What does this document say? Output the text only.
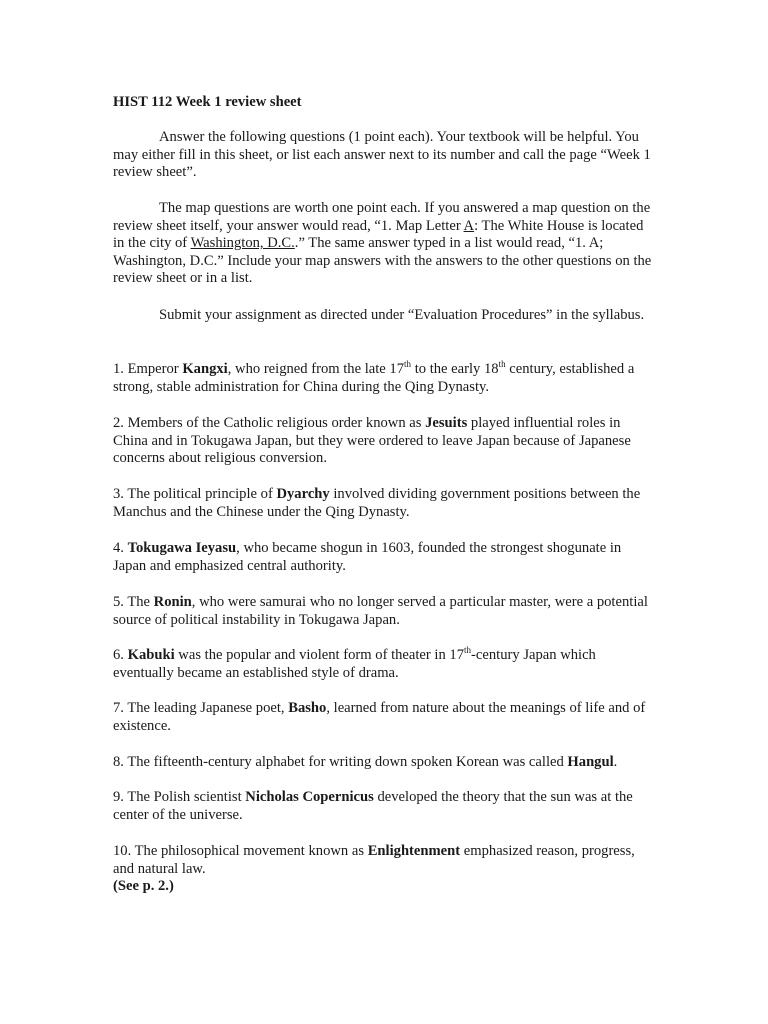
HIST 112 Week 1 review sheet

Answer the following questions (1 point each). Your textbook will be helpful. You may either fill in this sheet, or list each answer next to its number and call the page “Week 1 review sheet”.

The map questions are worth one point each. If you answered a map question on the review sheet itself, your answer would read, “1. Map Letter A: The White House is located in the city of Washington, D.C..” The same answer typed in a list would read, “1. A; Washington, D.C.” Include your map answers with the answers to the other questions on the review sheet or in a list.

Submit your assignment as directed under “Evaluation Procedures” in the syllabus.

1. Emperor Kangxi, who reigned from the late 17th to the early 18th century, established a strong, stable administration for China during the Qing Dynasty.

2. Members of the Catholic religious order known as Jesuits played influential roles in China and in Tokugawa Japan, but they were ordered to leave Japan because of Japanese concerns about religious conversion.

3. The political principle of Dyarchy involved dividing government positions between the Manchus and the Chinese under the Qing Dynasty.

4. Tokugawa Ieyasu, who became shogun in 1603, founded the strongest shogunate in Japan and emphasized central authority.

5. The Ronin, who were samurai who no longer served a particular master, were a potential source of political instability in Tokugawa Japan.

6. Kabuki was the popular and violent form of theater in 17th-century Japan which eventually became an established style of drama.

7. The leading Japanese poet, Basho, learned from nature about the meanings of life and of existence.

8. The fifteenth-century alphabet for writing down spoken Korean was called Hangul.

9. The Polish scientist Nicholas Copernicus developed the theory that the sun was at the center of the universe.

10. The philosophical movement known as Enlightenment emphasized reason, progress, and natural law.
(See p. 2.)
